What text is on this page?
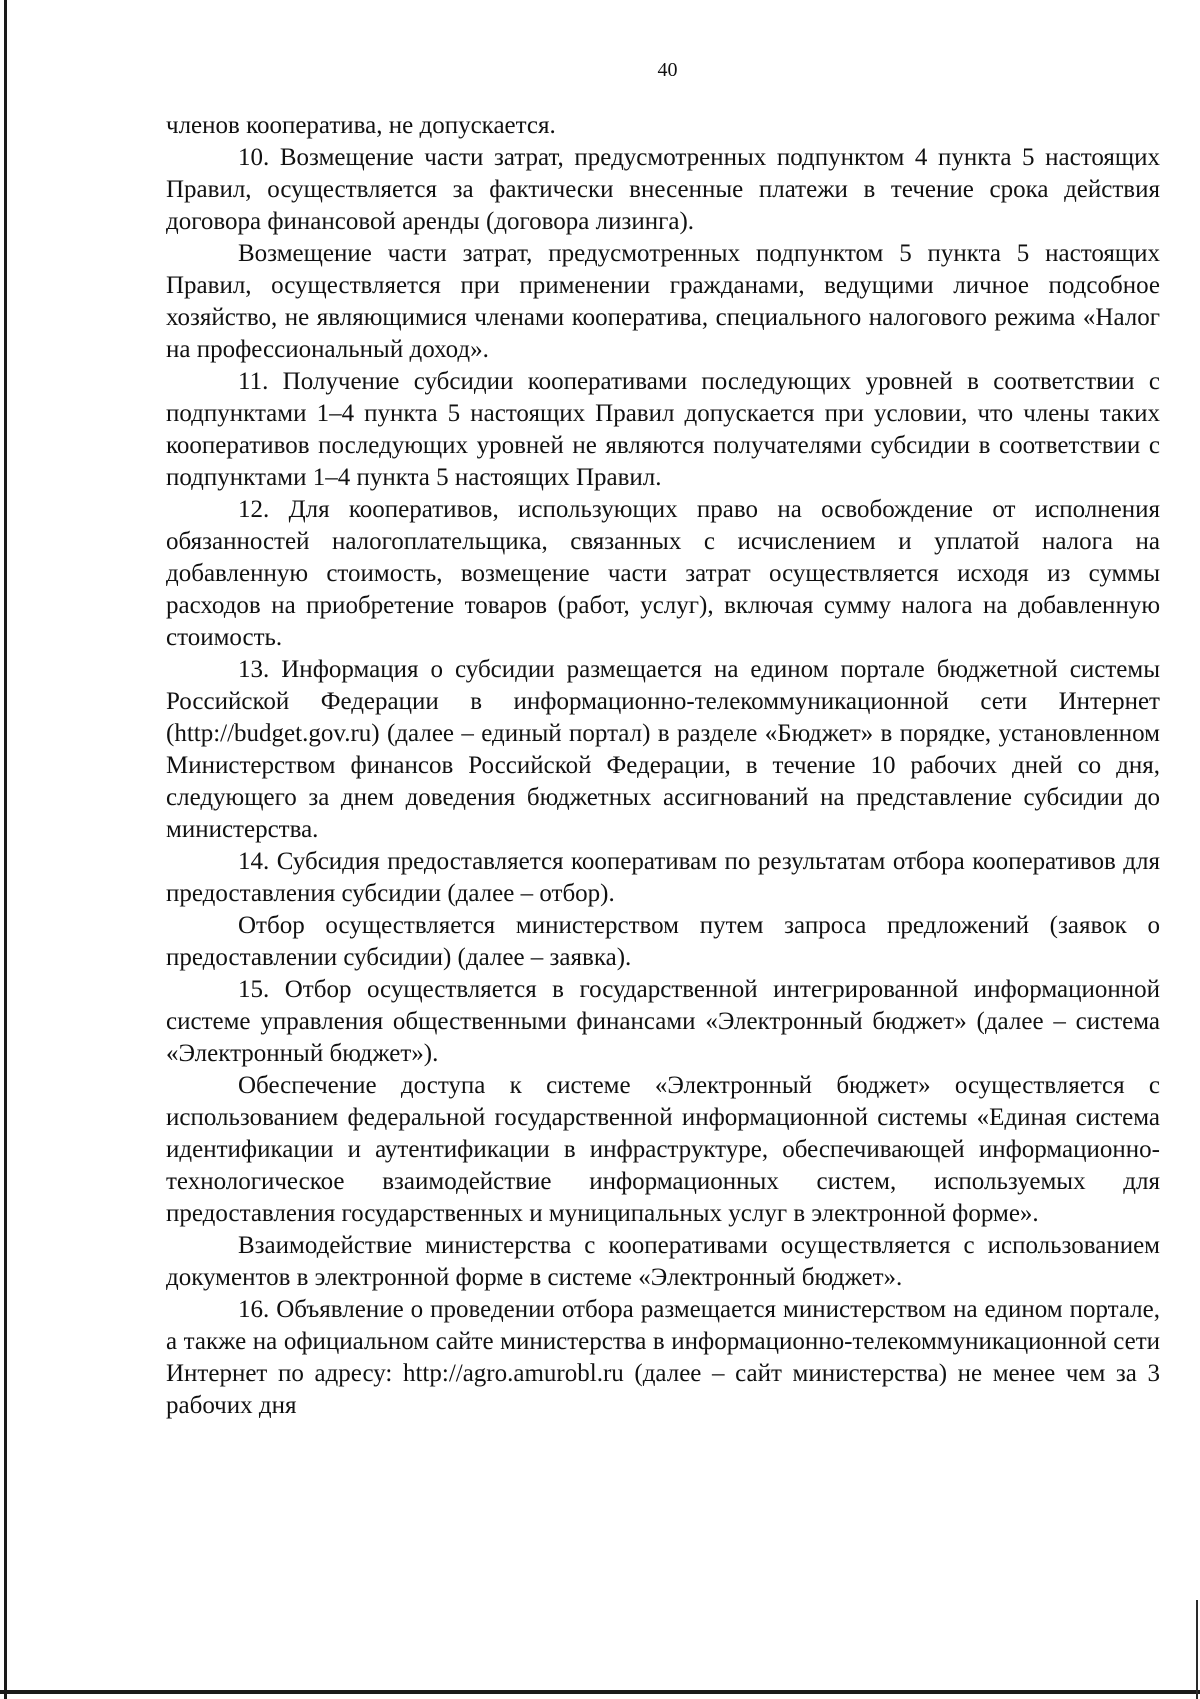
40

членов кооператива, не допускается.

10. Возмещение части затрат, предусмотренных подпунктом 4 пункта 5 настоящих Правил, осуществляется за фактически внесенные платежи в течение срока действия договора финансовой аренды (договора лизинга).

Возмещение части затрат, предусмотренных подпунктом 5 пункта 5 настоящих Правил, осуществляется при применении гражданами, ведущими личное подсобное хозяйство, не являющимися членами кооператива, специального налогового режима «Налог на профессиональный доход».

11. Получение субсидии кооперативами последующих уровней в соответствии с подпунктами 1–4 пункта 5 настоящих Правил допускается при условии, что члены таких кооперативов последующих уровней не являются получателями субсидии в соответствии с подпунктами 1–4 пункта 5 настоящих Правил.

12. Для кооперативов, использующих право на освобождение от исполнения обязанностей налогоплательщика, связанных с исчислением и уплатой налога на добавленную стоимость, возмещение части затрат осуществляется исходя из суммы расходов на приобретение товаров (работ, услуг), включая сумму налога на добавленную стоимость.

13. Информация о субсидии размещается на едином портале бюджетной системы Российской Федерации в информационно-телекоммуникационной сети Интернет (http://budget.gov.ru) (далее – единый портал) в разделе «Бюджет» в порядке, установленном Министерством финансов Российской Федерации, в течение 10 рабочих дней со дня, следующего за днем доведения бюджетных ассигнований на представление субсидии до министерства.

14. Субсидия предоставляется кооперативам по результатам отбора кооперативов для предоставления субсидии (далее – отбор).

Отбор осуществляется министерством путем запроса предложений (заявок о предоставлении субсидии) (далее – заявка).

15. Отбор осуществляется в государственной интегрированной информационной системе управления общественными финансами «Электронный бюджет» (далее – система «Электронный бюджет»).

Обеспечение доступа к системе «Электронный бюджет» осуществляется с использованием федеральной государственной информационной системы «Единая система идентификации и аутентификации в инфраструктуре, обеспечивающей информационно-технологическое взаимодействие информационных систем, используемых для предоставления государственных и муниципальных услуг в электронной форме».

Взаимодействие министерства с кооперативами осуществляется с использованием документов в электронной форме в системе «Электронный бюджет».

16. Объявление о проведении отбора размещается министерством на едином портале, а также на официальном сайте министерства в информационно-телекоммуникационной сети Интернет по адресу: http://agro.amurobl.ru (далее – сайт министерства) не менее чем за 3 рабочих дня
